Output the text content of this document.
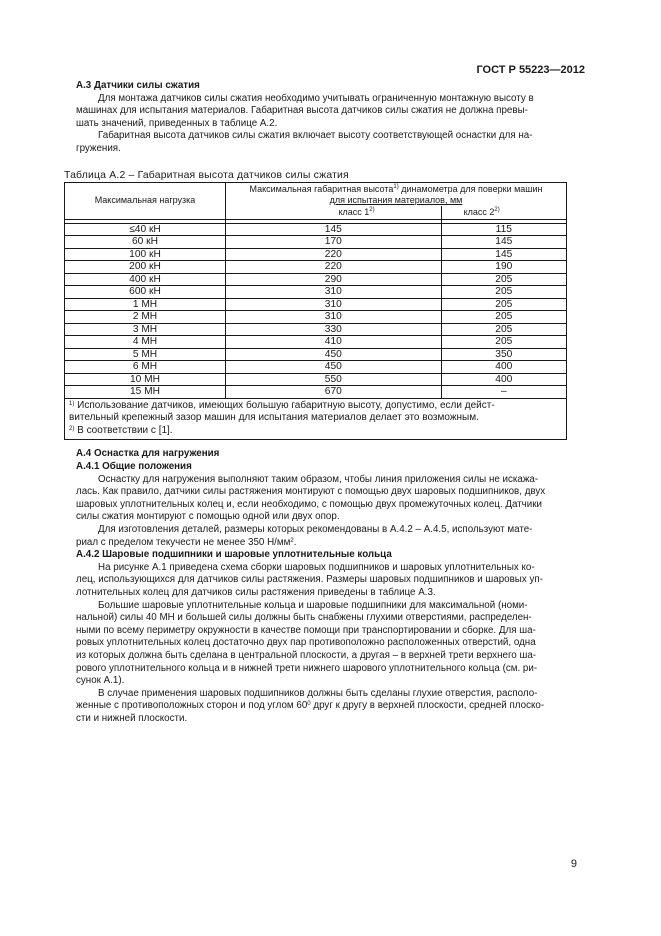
ГОСТ Р 55223—2012
А.3 Датчики силы сжатия
Для монтажа датчиков силы сжатия необходимо учитывать ограниченную монтажную высоту в
машинах для испытания материалов. Габаритная высота датчиков силы сжатия не должна превы-
шать значений, приведенных в таблице А.2.
Габаритная высота датчиков силы сжатия включает высоту соответствующей оснастки для на-
гружения.
Таблица А.2 – Габаритная высота датчиков силы сжатия
Максимальная нагрузка	Максимальная габаритная высота$^{1)}$ динамометра для поверки машин
для испытания материалов, мм	
	класс 1$^{2)}$	класс 2$^{2)}$

≤40 кН	145	115
60 кН	170	145
100 кН	220	145
200 кН	220	190
400 кН	290	205
600 кН	310	205
1 МН	310	205
2 МН	310	205
3 МН	330	205
4 МН	410	205
5 МН	450	350
6 МН	450	400
10 МН	550	400
15 МН	670	–

$^{1)}$ Использование датчиков, имеющих большую габаритную высоту, допустимо, если дейст-
вительный крепежный зазор машин для испытания материалов делает это возможным.
$^{2)}$ В соответствии с [1].		
А.4 Оснастка для нагружения
А.4.1 Общие положения
Оснастку для нагружения выполняют таким образом, чтобы линия приложения силы не искажа-
лась. Как правило, датчики силы растяжения монтируют с помощью двух шаровых подшипников, двух
шаровых уплотнительных колец и, если необходимо, с помощью двух промежуточных колец. Датчики
силы сжатия монтируют с помощью одной или двух опор.
Для изготовления деталей, размеры которых рекомендованы в А.4.2 – А.4.5, используют мате-
риал с пределом текучести не менее 350 $Н/мм^2$.
А.4.2 Шаровые подшипники и шаровые уплотнительные кольца
На рисунке А.1 приведена схема сборки шаровых подшипников и шаровых уплотнительных ко-
лец, использующихся для датчиков силы растяжения. Размеры шаровых подшипников и шаровых уп-
лотнительных колец для датчиков силы растяжения приведены в таблице А.3.
Большие шаровые уплотнительные кольца и шаровые подшипники для максимальной (номи-
нальной) силы 40 МН и большей силы должны быть снабжены глухими отверстиями, распределен-
ными по всему периметру окружности в качестве помощи при транспортировании и сборке. Для ша-
ровых уплотнительных колец достаточно двух пар противоположно расположенных отверстий, одна
из которых должна быть сделана в центральной плоскости, а другая – в верхней трети верхнего ша-
рового уплотнительного кольца и в нижней трети нижнего шарового уплотнительного кольца (см. ри-
сунок А.1).
В случае применения шаровых подшипников должны быть сделаны глухие отверстия, располо-
женные с противоположных сторон и под углом $60^0$ друг к другу в верхней плоскости, средней плоско-
сти и нижней плоскости.
9
